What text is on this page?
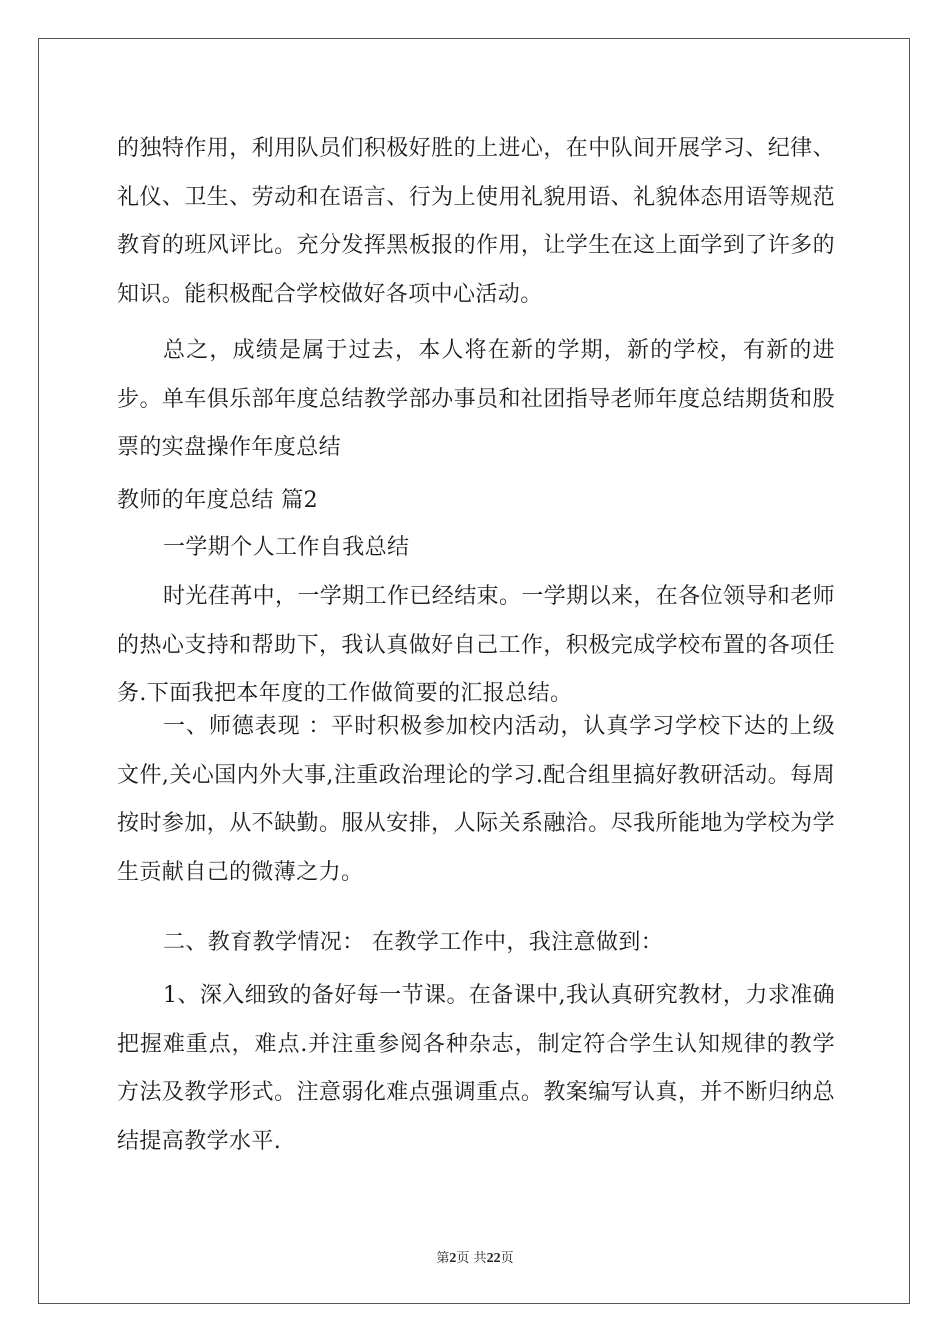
的独特作用，利用队员们积极好胜的上进心，在中队间开展学习、纪律、礼仪、卫生、劳动和在语言、行为上使用礼貌用语、礼貌体态用语等规范教育的班风评比。充分发挥黑板报的作用，让学生在这上面学到了许多的知识。能积极配合学校做好各项中心活动。

总之，成绩是属于过去，本人将在新的学期，新的学校，有新的进步。单车俱乐部年度总结教学部办事员和社团指导老师年度总结期货和股票的实盘操作年度总结

教师的年度总结 篇2

一学期个人工作自我总结

时光荏苒中，一学期工作已经结束。一学期以来，在各位领导和老师的热心支持和帮助下，我认真做好自己工作，积极完成学校布置的各项任务.下面我把本年度的工作做简要的汇报总结。

一、师德表现 ：平时积极参加校内活动，认真学习学校下达的上级文件,关心国内外大事,注重政治理论的学习.配合组里搞好教研活动。每周按时参加，从不缺勤。服从安排，人际关系融洽。尽我所能地为学校为学生贡献自己的微薄之力。

二、教育教学情况： 在教学工作中，我注意做到：

1、深入细致的备好每一节课。在备课中,我认真研究教材，力求准确把握难重点，难点.并注重参阅各种杂志，制定符合学生认知规律的教学方法及教学形式。注意弱化难点强调重点。教案编写认真，并不断归纳总结提高教学水平.

第2页 共22页
